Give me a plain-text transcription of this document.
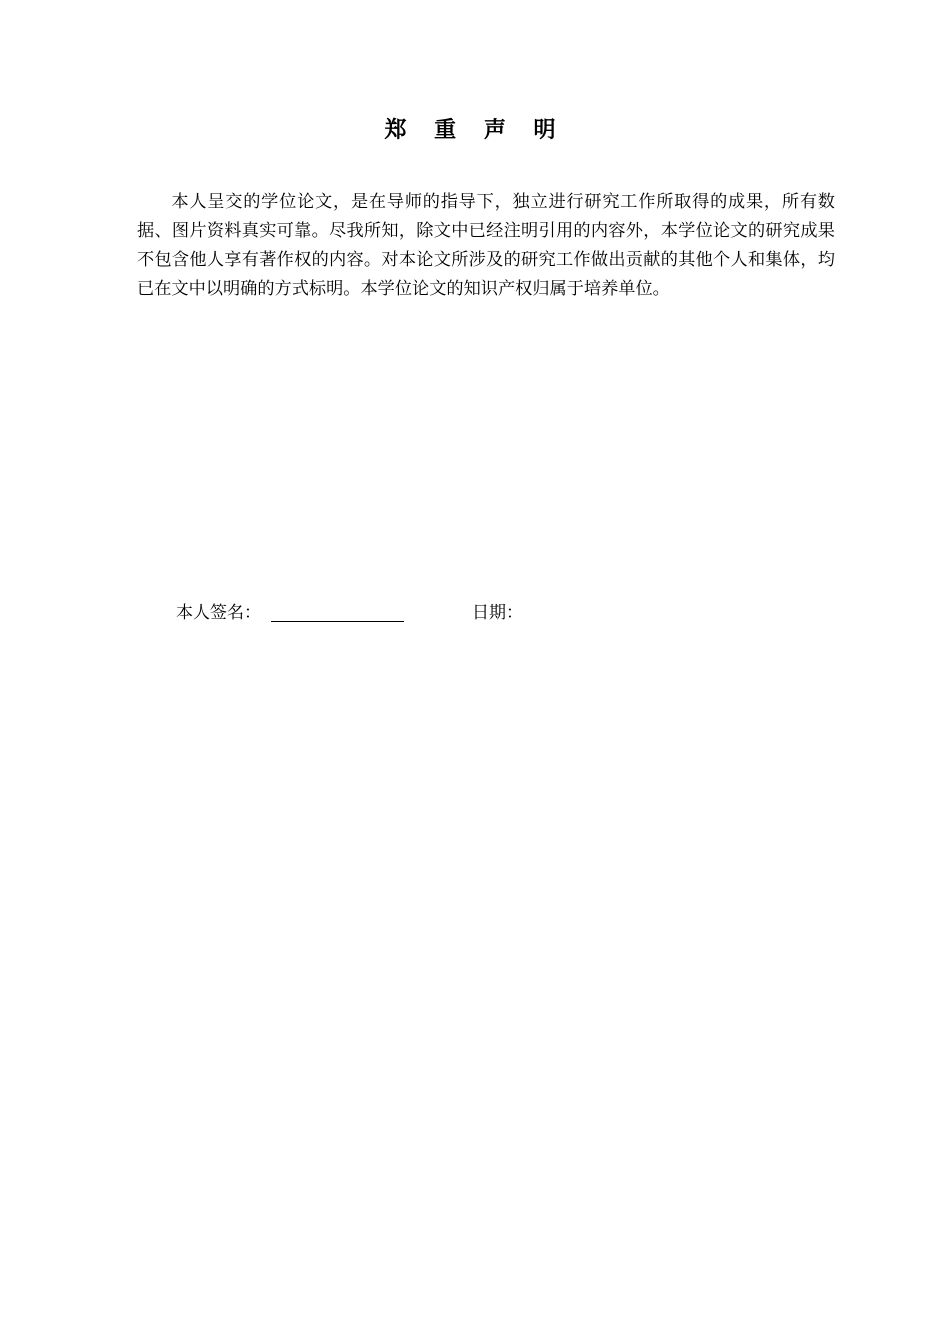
郑 重 声 明

本人呈交的学位论文，是在导师的指导下，独立进行研究工作所取得的成果，所有数据、图片资料真实可靠。尽我所知，除文中已经注明引用的内容外，本学位论文的研究成果不包含他人享有著作权的内容。对本论文所涉及的研究工作做出贡献的其他个人和集体，均已在文中以明确的方式标明。本学位论文的知识产权归属于培养单位。

本人签名：	日期：
